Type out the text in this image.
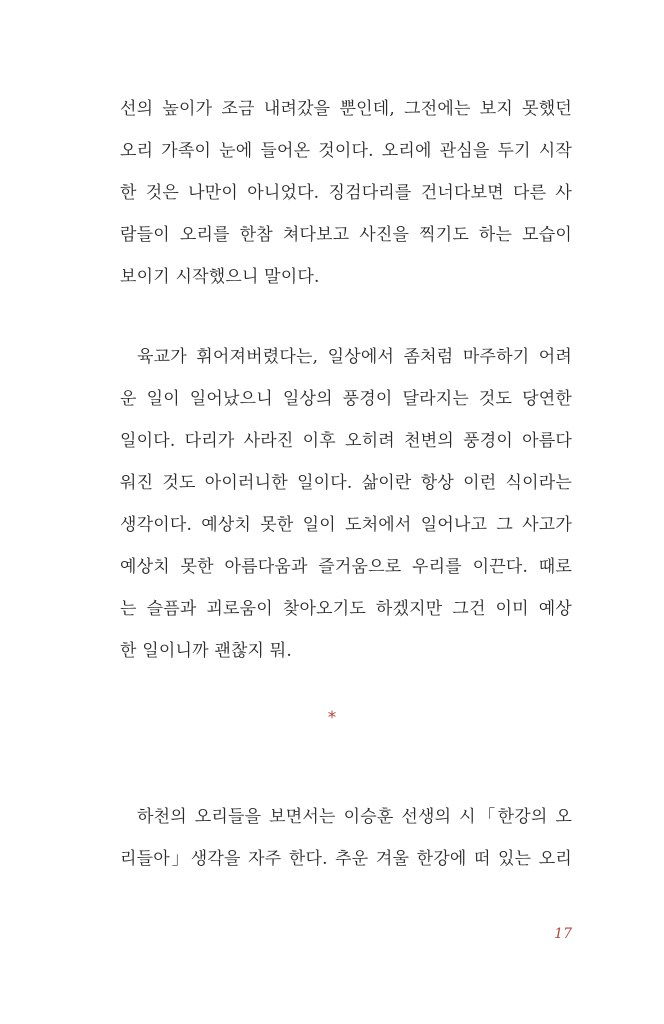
선의 높이가 조금 내려갔을 뿐인데, 그전에는 보지 못했던
오리 가족이 눈에 들어온 것이다. 오리에 관심을 두기 시작
한 것은 나만이 아니었다. 징검다리를 건너다보면 다른 사
람들이 오리를 한참 쳐다보고 사진을 찍기도 하는 모습이
보이기 시작했으니 말이다.
육교가 휘어져버렸다는, 일상에서 좀처럼 마주하기 어려
운 일이 일어났으니 일상의 풍경이 달라지는 것도 당연한
일이다. 다리가 사라진 이후 오히려 천변의 풍경이 아름다
워진 것도 아이러니한 일이다. 삶이란 항상 이런 식이라는
생각이다. 예상치 못한 일이 도처에서 일어나고 그 사고가
예상치 못한 아름다움과 즐거움으로 우리를 이끈다. 때로
는 슬픔과 괴로움이 찾아오기도 하겠지만 그건 이미 예상
한 일이니까 괜찮지 뭐.
*
하천의 오리들을 보면서는 이승훈 선생의 시「한강의 오
리들아」생각을 자주 한다. 추운 겨울 한강에 떠 있는 오리
17
